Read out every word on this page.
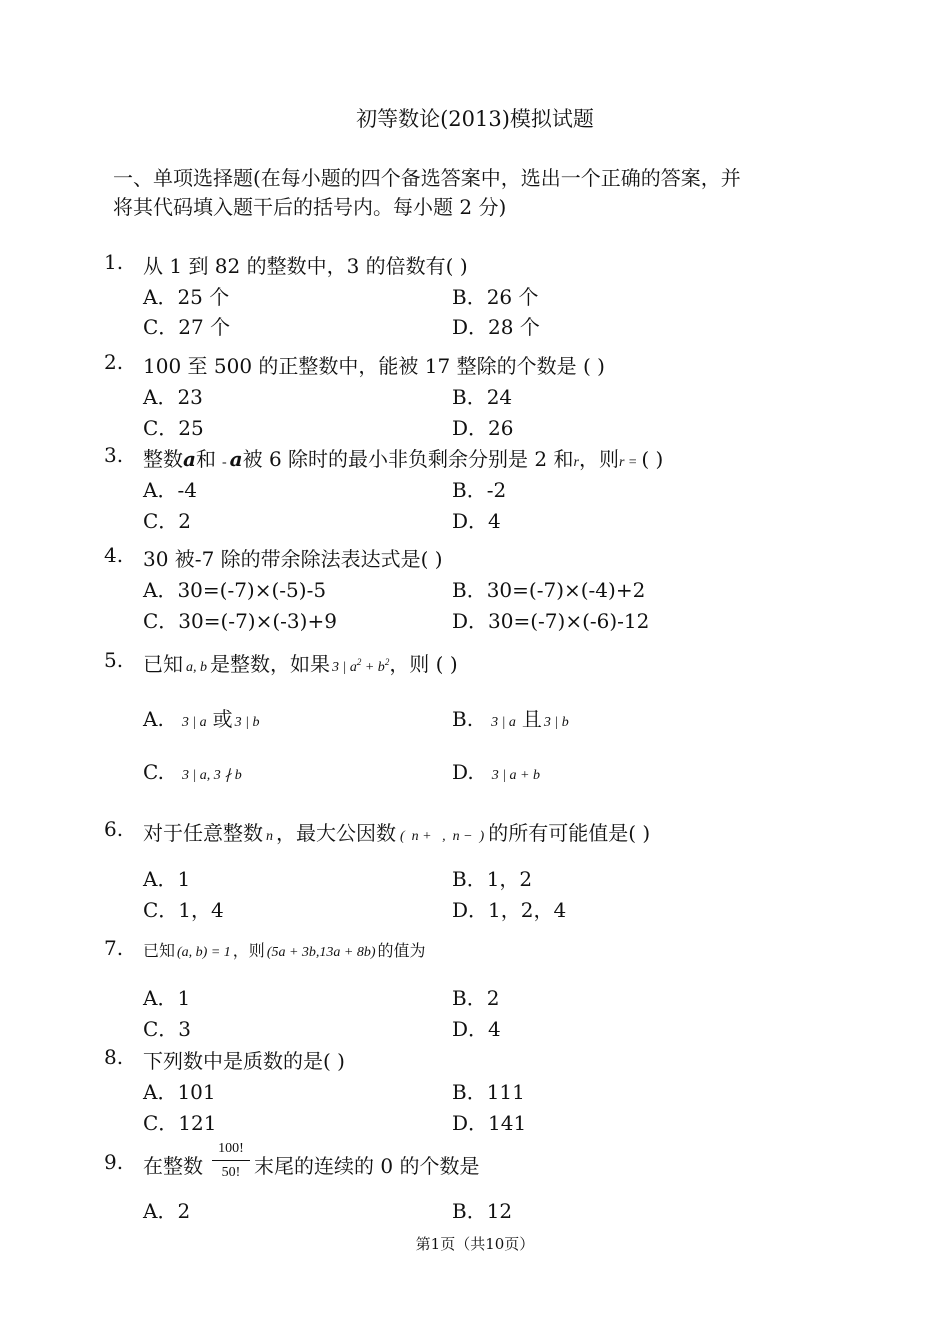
初等数论(2013)模拟试题
一、单项选择题(在每小题的四个备选答案中，选出一个正确的答案，并
将其代码填入题干后的括号内。每小题 2 分)
1. 从 1 到 82 的整数中，3 的倍数有( )
A．25 个	B．26 个
C．27 个	D．28 个
2. 100 至 500 的正整数中，能被 17 整除的个数是 ( )
A．23	B．24
C．25	D．26
3. 整数a和 - a被 6 除时的最小非负剩余分别是 2 和r，则r = ( )
A．-4	B．-2
C．2	D．4
4. 30 被-7 除的带余除法表达式是( )
A．30=(-7)×(-5)-5	B．30=(-7)×(-4)+2
C．30=(-7)×(-3)+9	D．30=(-7)×(-6)-12
5. 已知 a, b 是整数，如果 3 | $a^2 + b^2$，则 ( )
A. 3 | a 或 3 | b	B. 3 | a 且 3 | b
C. 3 | a, 3 ∤ b	D. 3 | a + b
6. 对于任意整数 n ，最大公因数 (  n +   ,  n −  ) 的所有可能值是( )
A．1	B．1，2
C．1，4	D．1，2，4
7. 已知 (a, b) = 1 ，则 (5a + 3b,13a + 8b) 的值为
A．1	B．2
C．3	D．4
8. 下列数中是质数的是( )
A．101	B．111
C．121	D．141
9. 在整数
100!
50! 末尾的连续的 0 的个数是
A．2	B．12
第1页（共10页）
